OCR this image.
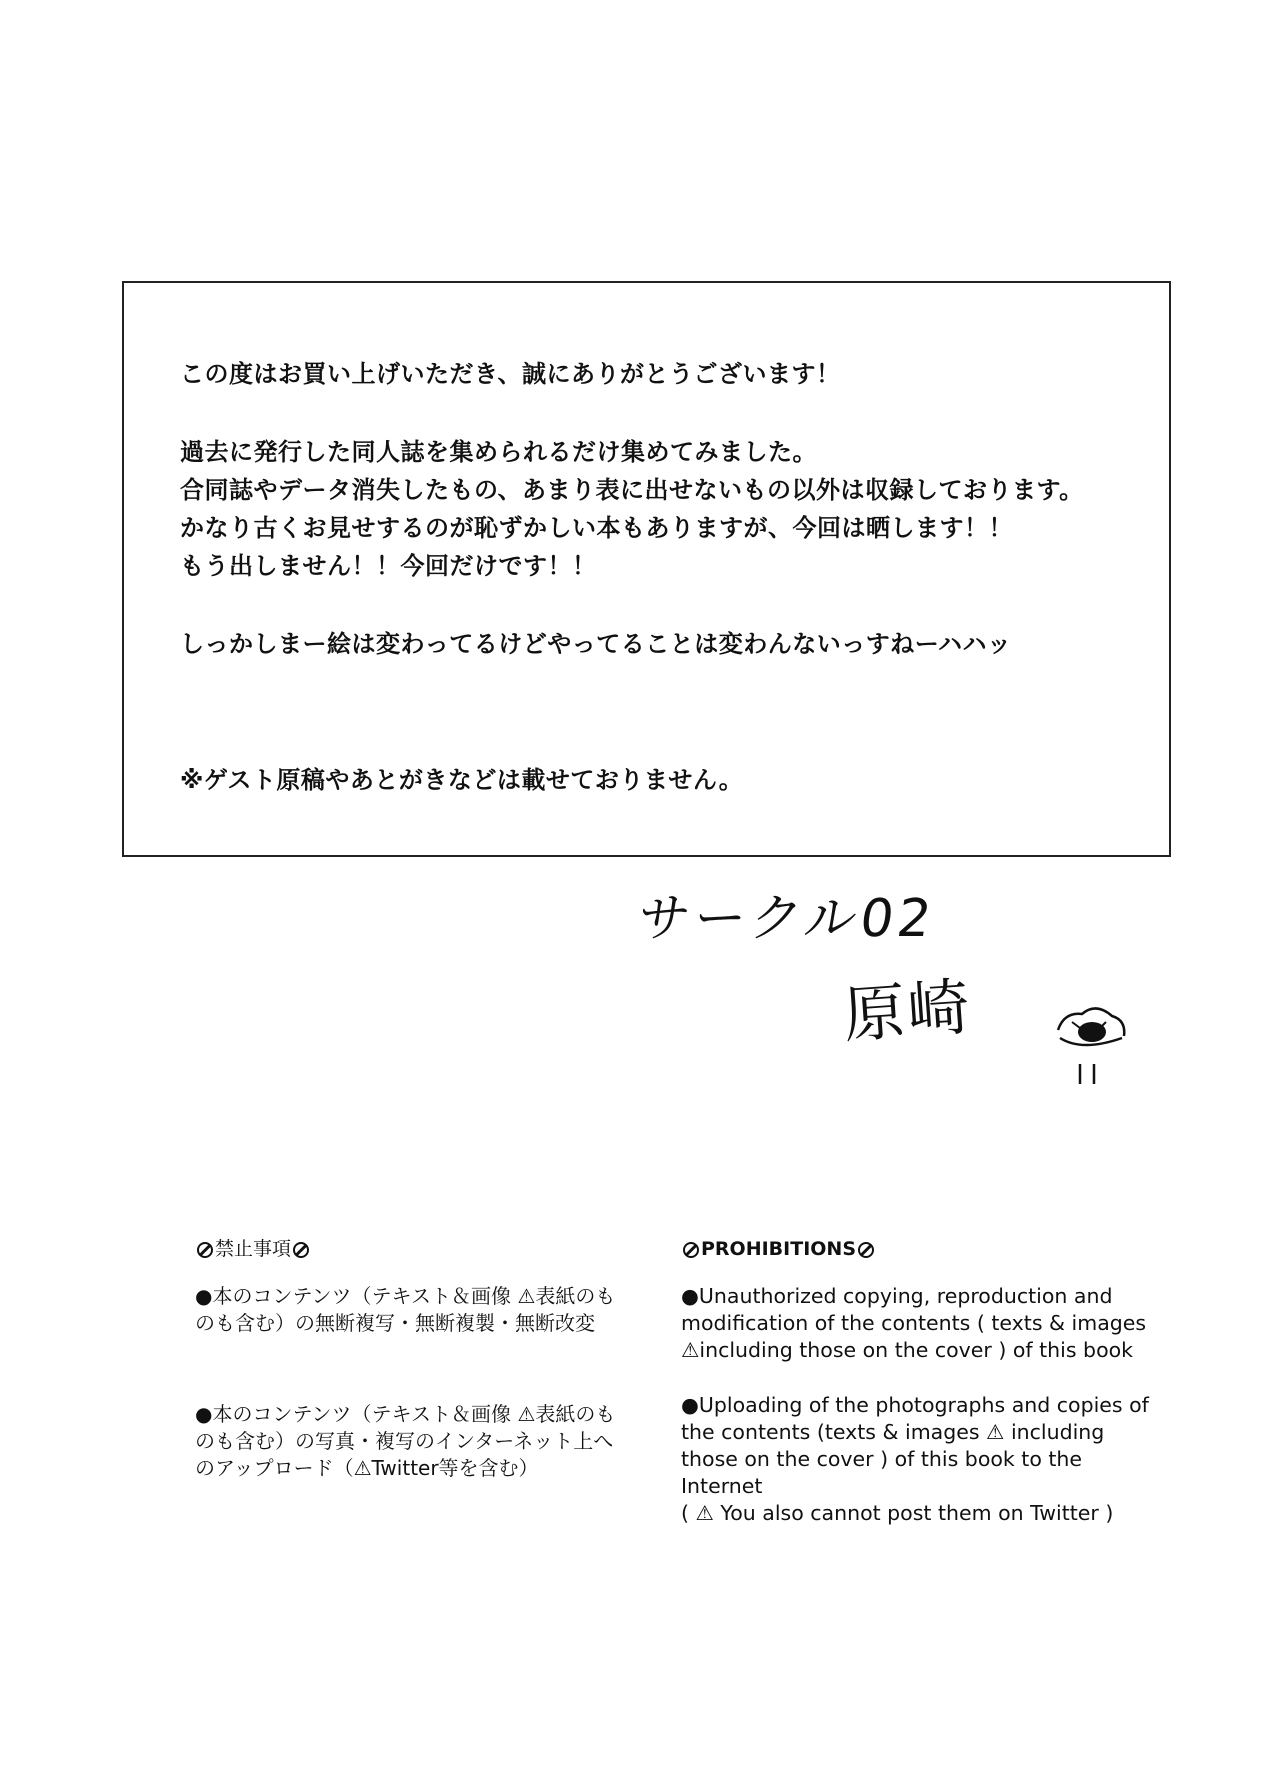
この度はお買い上げいただき、誠にありがとうございます！
過去に発行した同人誌を集められるだけ集めてみました。
合同誌やデータ消失したもの、あまり表に出せないもの以外は収録しております。
かなり古くお見せするのが恥ずかしい本もありますが、今回は晒します！！
もう出しません！！今回だけです！！
しっかしまー絵は変わってるけどやってることは変わんないっすねーハハッ
※ゲスト原稿やあとがきなどは載せておりません。
サークル02
原崎
禁止事項
●本のコンテンツ（テキスト＆画像 ⚠表紙のものも含む）の無断複写・無断複製・無断改変
●本のコンテンツ（テキスト＆画像 ⚠表紙のものも含む）の写真・複写のインターネット上へのアップロード（⚠Twitter等を含む）
PROHIBITIONS
●Unauthorized copying, reproduction and modification of the contents ( texts & images ⚠including those on the cover ) of this book
●Uploading of the photographs and copies of the contents (texts & images ⚠ including those on the cover ) of this book to the Internet
( ⚠ You also cannot post them on Twitter )
